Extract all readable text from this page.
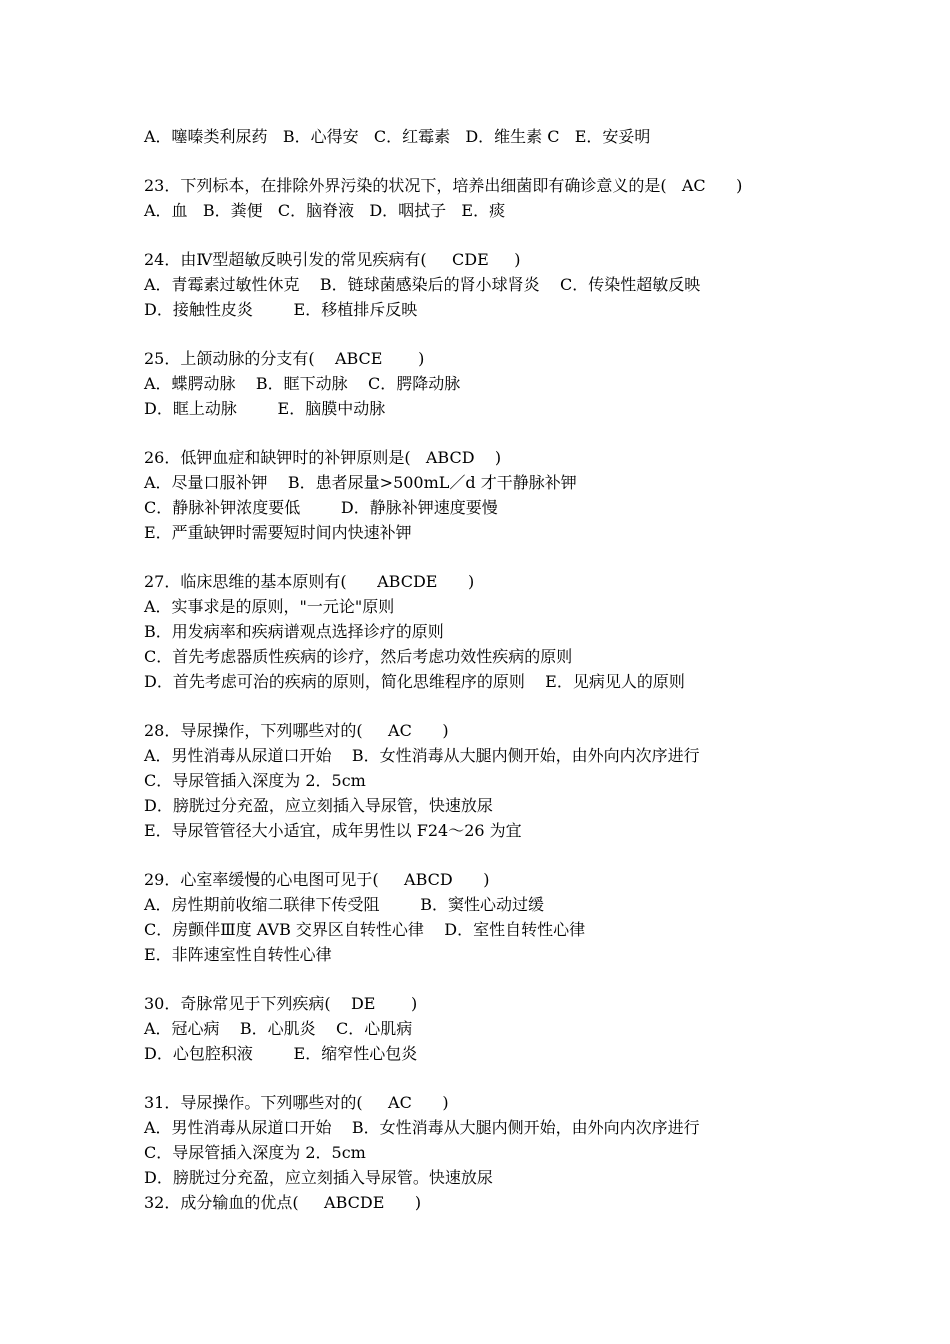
A．噻嗪类利尿药   B．心得安   C．红霉素   D．维生素 C   E．安妥明
23．下列标本，在排除外界污染的状况下，培养出细菌即有确诊意义的是(   AC      )
A．血   B．粪便   C．脑脊液   D．咽拭子   E．痰
24．由Ⅳ型超敏反映引发的常见疾病有(     CDE     )
A．青霉素过敏性休克    B．链球菌感染后的肾小球肾炎    C．传染性超敏反映
D．接触性皮炎        E．移植排斥反映
25．上颌动脉的分支有(    ABCE       )
A．蝶腭动脉    B．眶下动脉    C．腭降动脉
D．眶上动脉        E．脑膜中动脉
26．低钾血症和缺钾时的补钾原则是(   ABCD    )
A．尽量口服补钾    B．患者尿量>500mL／d 才干静脉补钾
C．静脉补钾浓度要低        D．静脉补钾速度要慢
E．严重缺钾时需要短时间内快速补钾
27．临床思维的基本原则有(      ABCDE      )
A．实事求是的原则，"一元论"原则
B．用发病率和疾病谱观点选择诊疗的原则
C．首先考虑器质性疾病的诊疗，然后考虑功效性疾病的原则
D．首先考虑可治的疾病的原则，简化思维程序的原则    E．见病见人的原则
28．导尿操作，下列哪些对的(     AC      )
A．男性消毒从尿道口开始    B．女性消毒从大腿内侧开始，由外向内次序进行
C．导尿管插入深度为 2．5cm
D．膀胱过分充盈，应立刻插入导尿管，快速放尿
E．导尿管管径大小适宜，成年男性以 F24～26 为宜
29．心室率缓慢的心电图可见于(     ABCD      )
A．房性期前收缩二联律下传受阻        B．窦性心动过缓
C．房颤伴Ⅲ度 AVB 交界区自转性心律    D．室性自转性心律
E．非阵速室性自转性心律
30．奇脉常见于下列疾病(    DE       )
A．冠心病    B．心肌炎    C．心肌病
D．心包腔积液        E．缩窄性心包炎
31．导尿操作。下列哪些对的(     AC      )
A．男性消毒从尿道口开始    B．女性消毒从大腿内侧开始，由外向内次序进行
C．导尿管插入深度为 2．5cm
D．膀胱过分充盈，应立刻插入导尿管。快速放尿
32．成分输血的优点(     ABCDE      )
